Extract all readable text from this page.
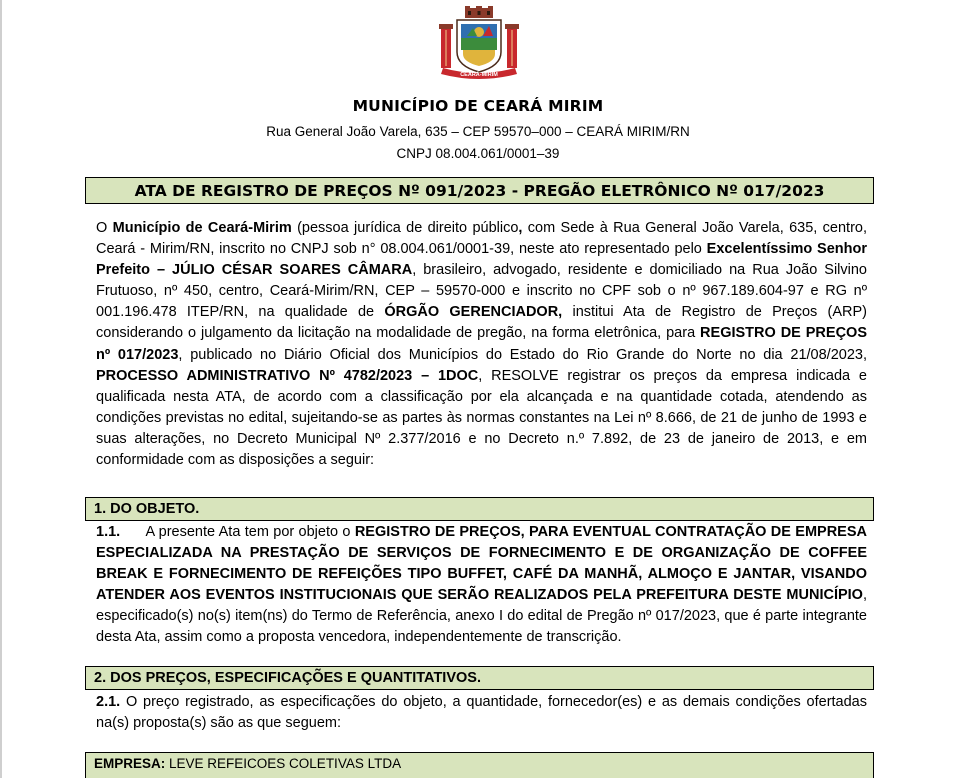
CEARÁ-MIRIM
MUNICÍPIO DE CEARÁ MIRIM
Rua General João Varela, 635 – CEP 59570–000 – CEARÁ MIRIM/RN
CNPJ 08.004.061/0001–39
ATA DE REGISTRO DE PREÇOS Nº 091/2023 - PREGÃO ELETRÔNICO Nº 017/2023

O Município de Ceará-Mirim (pessoa jurídica de direito público, com Sede à Rua General João Varela, 635, centro, Ceará - Mirim/RN, inscrito no CNPJ sob n° 08.004.061/0001-39, neste ato representado pelo Excelentíssimo Senhor Prefeito – JÚLIO CÉSAR SOARES CÂMARA, brasileiro, advogado, residente e domiciliado na Rua João Silvino Frutuoso, nº 450, centro, Ceará-Mirim/RN, CEP – 59570-000 e inscrito no CPF sob o nº 967.189.604-97 e RG nº 001.196.478 ITEP/RN, na qualidade de ÓRGÃO GERENCIADOR, institui Ata de Registro de Preços (ARP) considerando o julgamento da licitação na modalidade de pregão, na forma eletrônica, para REGISTRO DE PREÇOS nº 017/2023, publicado no Diário Oficial dos Municípios do Estado do Rio Grande do Norte no dia 21/08/2023, PROCESSO ADMINISTRATIVO Nº 4782/2023 – 1DOC, RESOLVE registrar os preços da empresa indicada e qualificada nesta ATA, de acordo com a classificação por ela alcançada e na quantidade cotada, atendendo as condições previstas no edital, sujeitando-se as partes às normas constantes na Lei nº 8.666, de 21 de junho de 1993 e suas alterações, no Decreto Municipal Nº 2.377/2016 e no Decreto n.º 7.892, de 23 de janeiro de 2013, e em conformidade com as disposições a seguir:

1. DO OBJETO.

1.1.      A presente Ata tem por objeto o REGISTRO DE PREÇOS, PARA EVENTUAL CONTRATAÇÃO DE EMPRESA ESPECIALIZADA NA PRESTAÇÃO DE SERVIÇOS DE FORNECIMENTO E DE ORGANIZAÇÃO DE COFFEE BREAK E FORNECIMENTO DE REFEIÇÕES TIPO BUFFET, CAFÉ DA MANHÃ, ALMOÇO E JANTAR, VISANDO ATENDER AOS EVENTOS INSTITUCIONAIS QUE SERÃO REALIZADOS PELA PREFEITURA DESTE MUNICÍPIO, especificado(s) no(s) item(ns) do Termo de Referência, anexo I do edital de Pregão nº 017/2023, que é parte integrante desta Ata, assim como a proposta vencedora, independentemente de transcrição.

2. DOS PREÇOS, ESPECIFICAÇÕES E QUANTITATIVOS.

2.1. O preço registrado, as especificações do objeto, a quantidade, fornecedor(es) e as demais condições ofertadas na(s) proposta(s) são as que seguem:

EMPRESA: LEVE REFEICOES COLETIVAS LTDA
